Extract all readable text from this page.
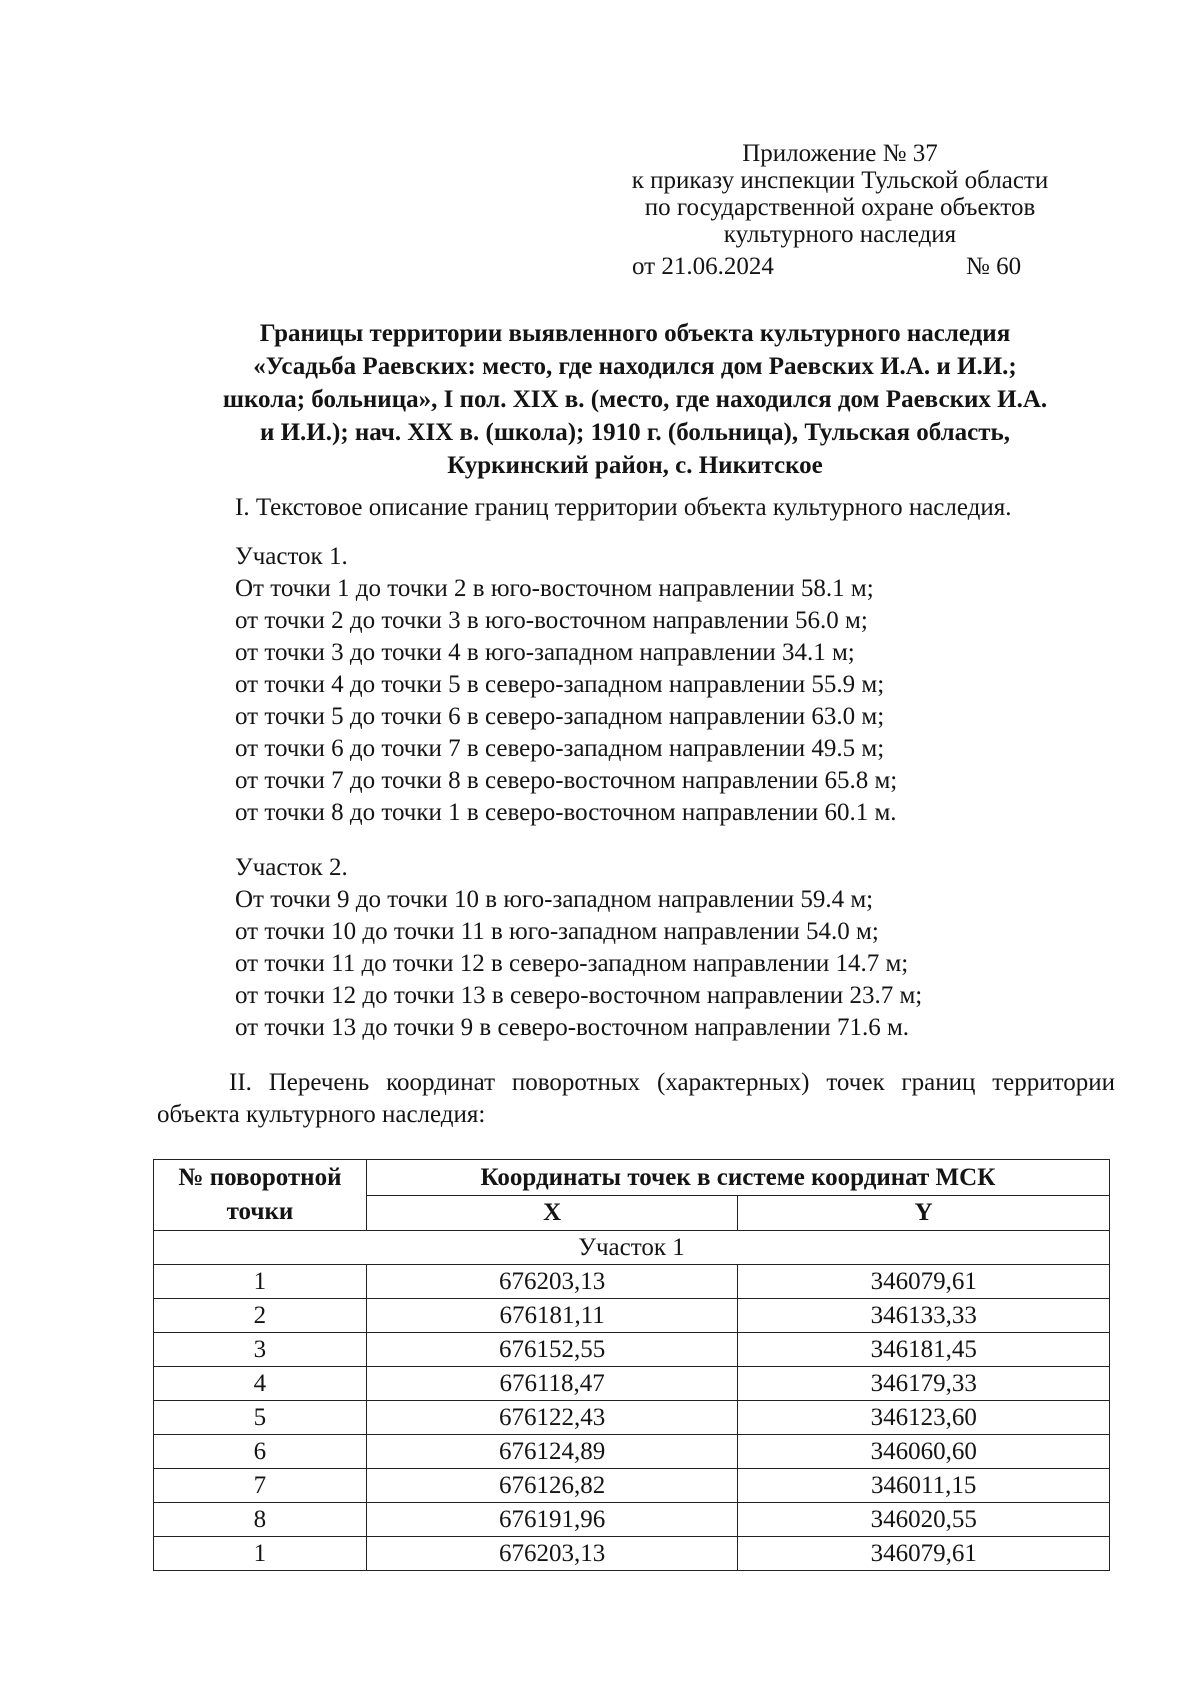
Приложение № 37
к приказу инспекции Тульской области
по государственной охране объектов
культурного наследия
от 21.06.2024	№ 60
Границы территории выявленного объекта культурного наследия
«Усадьба Раевских: место, где находился дом Раевских И.А. и И.И.;
школа; больница», I пол. XIX в. (место, где находился дом Раевских И.А.
и И.И.); нач. XIX в. (школа); 1910 г. (больница), Тульская область,
Куркинский район, с. Никитское
I. Текстовое описание границ территории объекта культурного наследия.
Участок 1.
От точки 1 до точки 2 в юго-восточном направлении 58.1 м;
от точки 2 до точки 3 в юго-восточном направлении 56.0 м;
от точки 3 до точки 4 в юго-западном направлении 34.1 м;
от точки 4 до точки 5 в северо-западном направлении 55.9 м;
от точки 5 до точки 6 в северо-западном направлении 63.0 м;
от точки 6 до точки 7 в северо-западном направлении 49.5 м;
от точки 7 до точки 8 в северо-восточном направлении 65.8 м;
от точки 8 до точки 1 в северо-восточном направлении 60.1 м.
Участок 2.
От точки 9 до точки 10 в юго-западном направлении 59.4 м;
от точки 10 до точки 11 в юго-западном направлении 54.0 м;
от точки 11 до точки 12 в северо-западном направлении 14.7 м;
от точки 12 до точки 13 в северо-восточном направлении 23.7 м;
от точки 13 до точки 9 в северо-восточном направлении 71.6 м.
II. Перечень координат поворотных (характерных) точек границ территории объекта культурного наследия:
№ поворотной точки	Координаты точек в системе координат МСК	
	X	Y
Участок 1		
1	676203,13	346079,61
2	676181,11	346133,33
3	676152,55	346181,45
4	676118,47	346179,33
5	676122,43	346123,60
6	676124,89	346060,60
7	676126,82	346011,15
8	676191,96	346020,55
1	676203,13	346079,61
